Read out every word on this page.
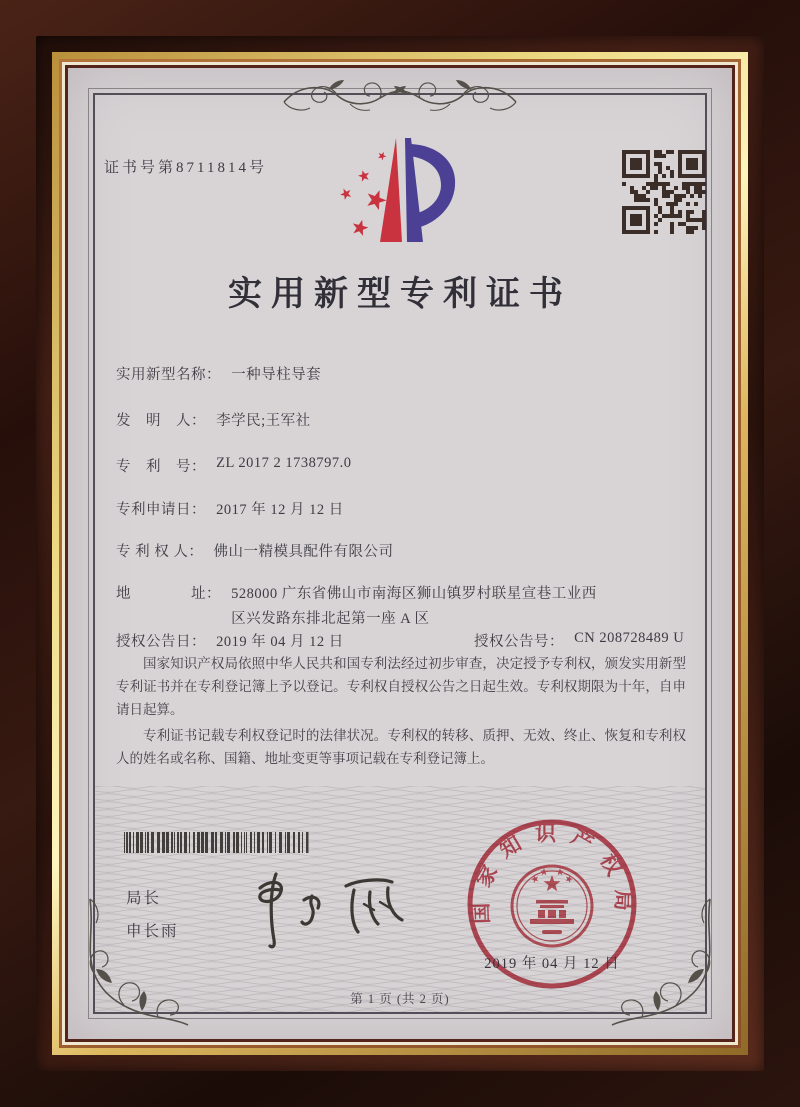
证书号第8711814号
实用新型专利证书
实用新型名称： 一种导柱导套
发　明　人： 李学民;王军社
专　利　号： ZL 2017 2 1738797.0
专利申请日： 2017 年 12 月 12 日
专 利 权 人： 佛山一精模具配件有限公司
地　　　　址： 528000 广东省佛山市南海区狮山镇罗村联星宣巷工业西区兴发路东排北起第一座 A 区
授权公告日： 2019 年 04 月 12 日	授权公告号： CN 208728489 U

国家知识产权局依照中华人民共和国专利法经过初步审查，决定授予专利权，颁发实用新型专利证书并在专利登记簿上予以登记。专利权自授权公告之日起生效。专利权期限为十年，自申请日起算。

专利证书记载专利权登记时的法律状况。专利权的转移、质押、无效、终止、恢复和专利权人的姓名或名称、国籍、地址变更等事项记载在专利登记簿上。

局长
申长雨
国家知识产权局
2019 年 04 月 12 日
第 1 页 (共 2 页)
